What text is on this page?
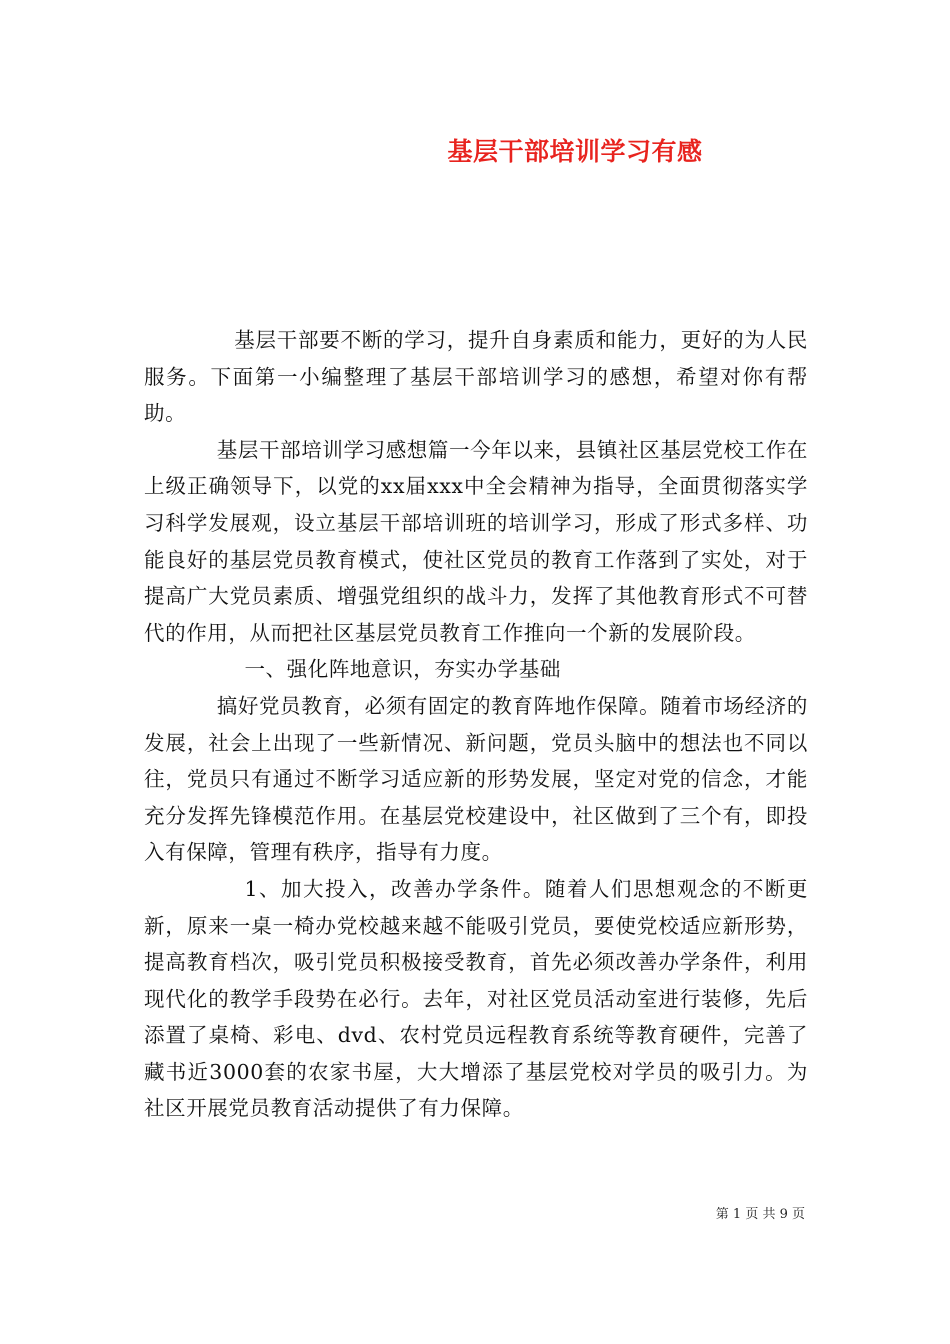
基层干部培训学习有感

基层干部要不断的学习，提升自身素质和能力，更好的为人民服务。下面第一小编整理了基层干部培训学习的感想，希望对你有帮助。

基层干部培训学习感想篇一今年以来，县镇社区基层党校工作在上级正确领导下，以党的xx届xxx中全会精神为指导，全面贯彻落实学习科学发展观，设立基层干部培训班的培训学习，形成了形式多样、功能良好的基层党员教育模式，使社区党员的教育工作落到了实处，对于提高广大党员素质、增强党组织的战斗力，发挥了其他教育形式不可替代的作用，从而把社区基层党员教育工作推向一个新的发展阶段。

一、强化阵地意识，夯实办学基础

搞好党员教育，必须有固定的教育阵地作保障。随着市场经济的发展，社会上出现了一些新情况、新问题，党员头脑中的想法也不同以往，党员只有通过不断学习适应新的形势发展，坚定对党的信念，才能充分发挥先锋模范作用。在基层党校建设中，社区做到了三个有，即投入有保障，管理有秩序，指导有力度。

1、加大投入，改善办学条件。随着人们思想观念的不断更新，原来一桌一椅办党校越来越不能吸引党员，要使党校适应新形势，提高教育档次，吸引党员积极接受教育，首先必须改善办学条件，利用现代化的教学手段势在必行。去年，对社区党员活动室进行装修，先后添置了桌椅、彩电、dvd、农村党员远程教育系统等教育硬件，完善了藏书近3000套的农家书屋，大大增添了基层党校对学员的吸引力。为社区开展党员教育活动提供了有力保障。

第 1 页 共 9 页
